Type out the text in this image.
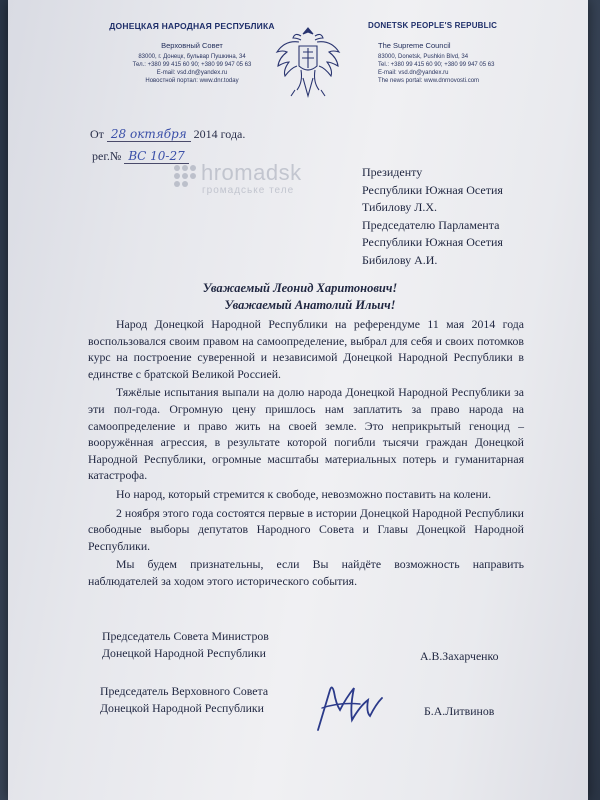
ДОНЕЦКАЯ НАРОДНАЯ РЕСПУБЛИКА
Верховный Совет
83000, г. Донецк, бульвар Пушкина, 34
Тел.: +380 99 415 60 90; +380 99 947 05 63
E-mail: vsd.dn@yandex.ru
Новостной портал: www.dnr.today
DONETSK PEOPLE'S REPUBLIC
The Supreme Council
83000, Donetsk, Pushkin Blvd, 34
Tel.: +380 99 415 60 90; +380 99 947 05 63
E-mail: vsd.dn@yandex.ru
The news portal: www.dnrnovosti.com
От 28 октября 2014 года.
рег.№ ВС 10-27
hromadsk
громадське теле
Президенту
Республики Южная Осетия
Тибилову Л.Х.
Председателю Парламента
Республики Южная Осетия
Бибилову А.И.
Уважаемый Леонид Харитонович!
Уважаемый Анатолий Ильич!

Народ Донецкой Народной Республики на референдуме 11 мая 2014 года воспользовался своим правом на самоопределение, выбрал для себя и своих потомков курс на построение суверенной и независимой Донецкой Народной Республики в единстве с братской Великой Россией.

Тяжёлые испытания выпали на долю народа Донецкой Народной Республики за эти пол-года. Огромную цену пришлось нам заплатить за право народа на самоопределение и право жить на своей земле. Это неприкрытый геноцид – вооружённая агрессия, в результате которой погибли тысячи граждан Донецкой Народной Республики, огромные масштабы материальных потерь и гуманитарная катастрофа.

Но народ, который стремится к свободе, невозможно поставить на колени.

2 ноября этого года состоятся первые в истории Донецкой Народной Республики свободные выборы депутатов Народного Совета и Главы Донецкой Народной Республики.

Мы будем признательны, если Вы найдёте возможность направить наблюдателей за ходом этого исторического события.

Председатель Совета Министров
Донецкой Народной Республики	А.В.Захарченко
Председатель Верховного Совета
Донецкой Народной Республики	Б.А.Литвинов
